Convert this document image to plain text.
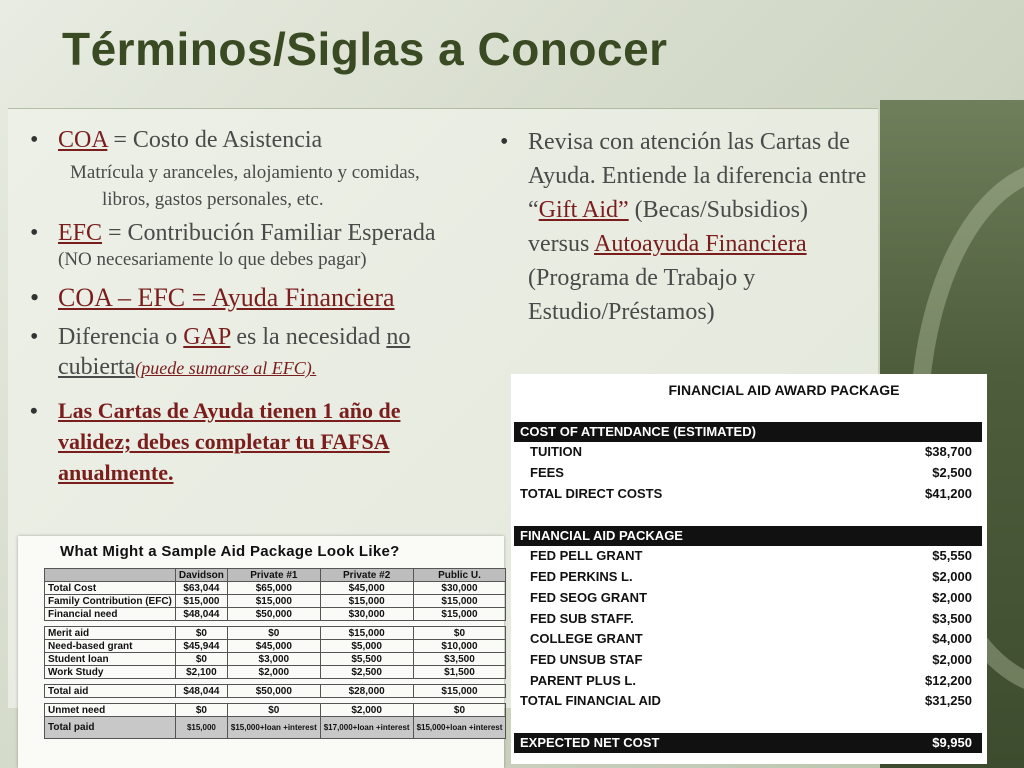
Términos/Siglas a Conocer
• COA = Costo de Asistencia
Matrícula y aranceles, alojamiento y comidas,
libros, gastos personales, etc.
• EFC = Contribución Familiar Esperada
(NO necesariamente lo que debes pagar)
• COA – EFC = Ayuda Financiera
• Diferencia o GAP es la necesidad no
cubierta(puede sumarse al EFC).
• Las Cartas de Ayuda tienen 1 año de validez; debes completar tu FAFSA anualmente.
• Revisa con atención las Cartas de Ayuda. Entiende la diferencia entre “Gift Aid” (Becas/Subsidios) versus Autoayuda Financiera (Programa de Trabajo y Estudio/Préstamos)
FINANCIAL AID AWARD PACKAGE
COST OF ATTENDANCE (ESTIMATED)
TUITION	$38,700
FEES	$2,500
TOTAL DIRECT COSTS	$41,200
FINANCIAL AID PACKAGE
FED PELL GRANT	$5,550
FED PERKINS L.	$2,000
FED SEOG GRANT	$2,000
FED SUB STAFF.	$3,500
COLLEGE GRANT	$4,000
FED UNSUB STAF	$2,000
PARENT PLUS L.	$12,200
TOTAL FINANCIAL AID	$31,250
EXPECTED NET COST	$9,950
What Might a Sample Aid Package Look Like?
	Davidson	Private #1	Private #2	Public U.
Total Cost	$63,044	$65,000	$45,000	$30,000
Family Contribution (EFC)	$15,000	$15,000	$15,000	$15,000
Financial need	$48,044	$50,000	$30,000	$15,000

Merit aid	$0	$0	$15,000	$0
Need-based grant	$45,944	$45,000	$5,000	$10,000
Student loan	$0	$3,000	$5,500	$3,500
Work Study	$2,100	$2,000	$2,500	$1,500

Total aid	$48,044	$50,000	$28,000	$15,000

Unmet need	$0	$0	$2,000	$0
Total paid	$15,000	$15,000+loan +interest	$17,000+loan +interest	$15,000+loan +interest
